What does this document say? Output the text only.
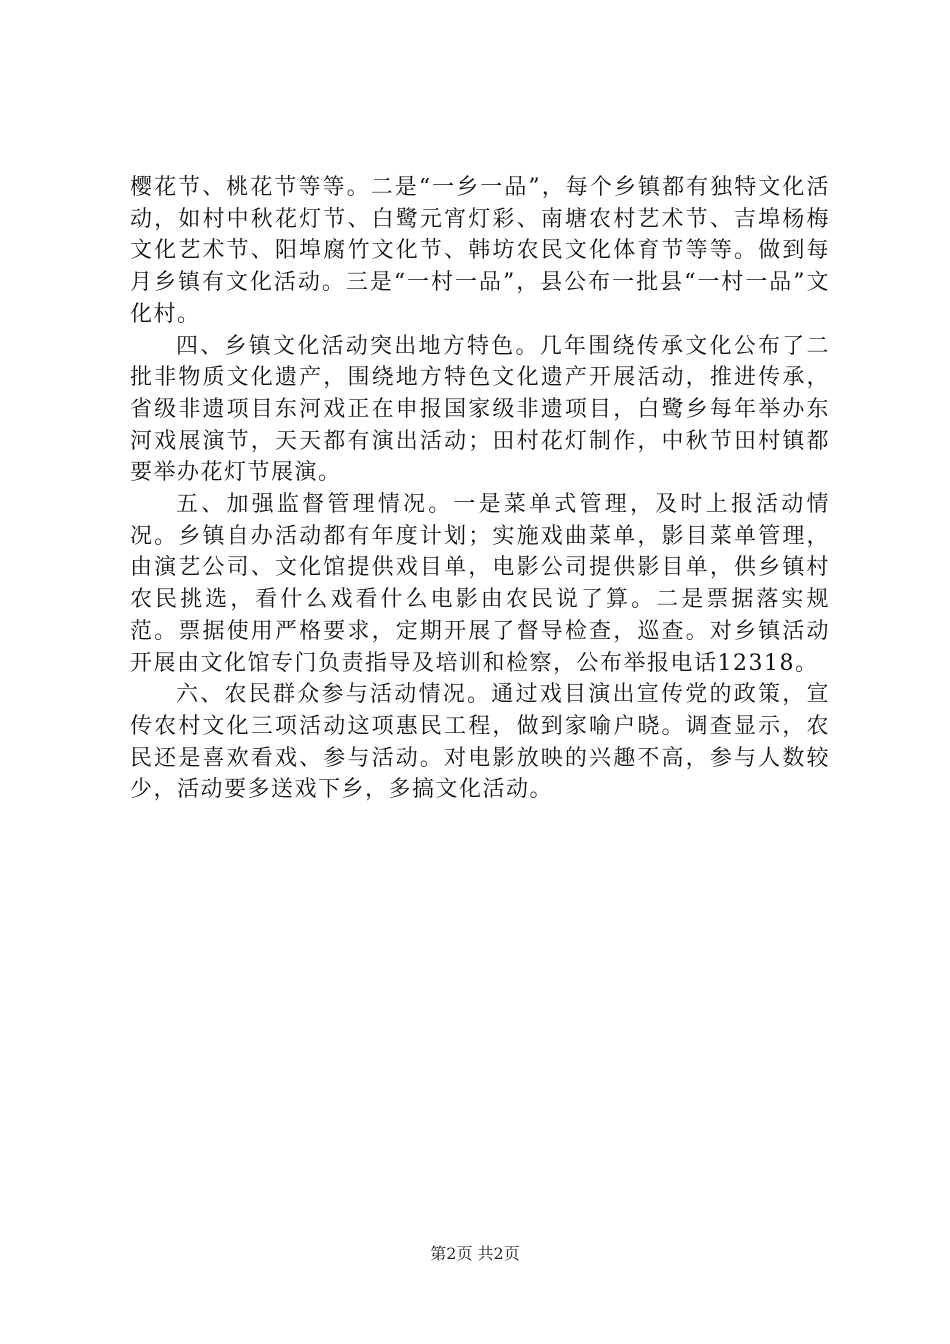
樱花节、桃花节等等。二是“一乡一品”，每个乡镇都有独特文化活动，如村中秋花灯节、白鹭元宵灯彩、南塘农村艺术节、吉埠杨梅文化艺术节、阳埠腐竹文化节、韩坊农民文化体育节等等。做到每月乡镇有文化活动。三是“一村一品”，县公布一批县“一村一品”文化村。

四、乡镇文化活动突出地方特色。几年围绕传承文化公布了二批非物质文化遗产，围绕地方特色文化遗产开展活动，推进传承，省级非遗项目东河戏正在申报国家级非遗项目，白鹭乡每年举办东河戏展演节，天天都有演出活动；田村花灯制作，中秋节田村镇都要举办花灯节展演。

五、加强监督管理情况。一是菜单式管理，及时上报活动情况。乡镇自办活动都有年度计划；实施戏曲菜单，影目菜单管理，由演艺公司、文化馆提供戏目单，电影公司提供影目单，供乡镇村农民挑选，看什么戏看什么电影由农民说了算。二是票据落实规范。票据使用严格要求，定期开展了督导检查，巡查。对乡镇活动开展由文化馆专门负责指导及培训和检察，公布举报电话12318。

六、农民群众参与活动情况。通过戏目演出宣传党的政策，宣传农村文化三项活动这项惠民工程，做到家喻户晓。调查显示，农民还是喜欢看戏、参与活动。对电影放映的兴趣不高，参与人数较少，活动要多送戏下乡，多搞文化活动。

第2页 共2页
